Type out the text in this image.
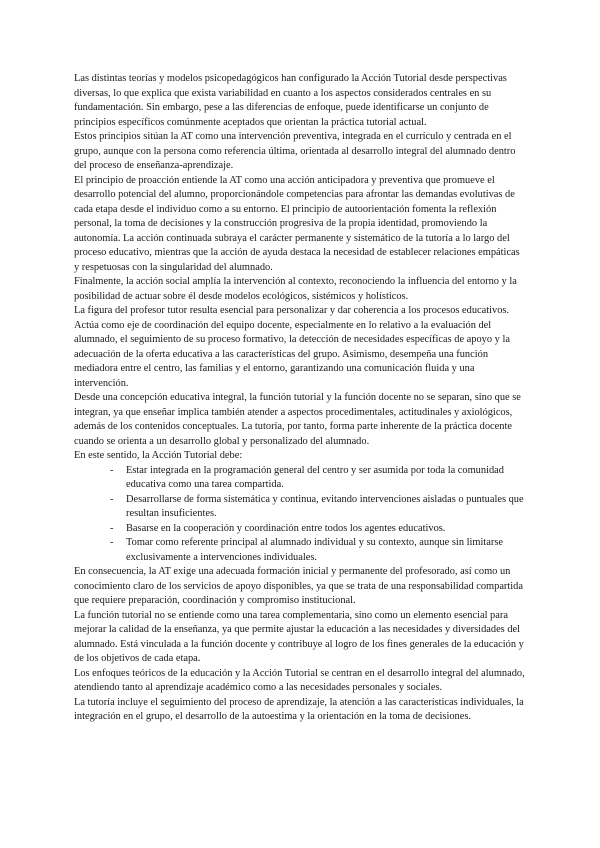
Las distintas teorías y modelos psicopedagógicos han configurado la Acción Tutorial desde perspectivas diversas, lo que explica que exista variabilidad en cuanto a los aspectos considerados centrales en su fundamentación. Sin embargo, pese a las diferencias de enfoque, puede identificarse un conjunto de principios específicos comúnmente aceptados que orientan la práctica tutorial actual.

Estos principios sitúan la AT como una intervención preventiva, integrada en el currículo y centrada en el grupo, aunque con la persona como referencia última, orientada al desarrollo integral del alumnado dentro del proceso de enseñanza-aprendizaje.

El principio de proacción entiende la AT como una acción anticipadora y preventiva que promueve el desarrollo potencial del alumno, proporcionándole competencias para afrontar las demandas evolutivas de cada etapa desde el individuo como a su entorno. El principio de autoorientación fomenta la reflexión personal, la toma de decisiones y la construcción progresiva de la propia identidad, promoviendo la autonomía. La acción continuada subraya el carácter permanente y sistemático de la tutoría a lo largo del proceso educativo, mientras que la acción de ayuda destaca la necesidad de establecer relaciones empáticas y respetuosas con la singularidad del alumnado.

Finalmente, la acción social amplía la intervención al contexto, reconociendo la influencia del entorno y la posibilidad de actuar sobre él desde modelos ecológicos, sistémicos y holísticos.

La figura del profesor tutor resulta esencial para personalizar y dar coherencia a los procesos educativos. Actúa como eje de coordinación del equipo docente, especialmente en lo relativo a la evaluación del alumnado, el seguimiento de su proceso formativo, la detección de necesidades específicas de apoyo y la adecuación de la oferta educativa a las características del grupo. Asimismo, desempeña una función mediadora entre el centro, las familias y el entorno, garantizando una comunicación fluida y una intervención.

Desde una concepción educativa integral, la función tutorial y la función docente no se separan, sino que se integran, ya que enseñar implica también atender a aspectos procedimentales, actitudinales y axiológicos, además de los contenidos conceptuales. La tutoría, por tanto, forma parte inherente de la práctica docente cuando se orienta a un desarrollo global y personalizado del alumnado.

En este sentido, la Acción Tutorial debe:

- Estar integrada en la programación general del centro y ser asumida por toda la comunidad educativa como una tarea compartida.
- Desarrollarse de forma sistemática y continua, evitando intervenciones aisladas o puntuales que resultan insuficientes.
- Basarse en la cooperación y coordinación entre todos los agentes educativos.
- Tomar como referente principal al alumnado individual y su contexto, aunque sin limitarse exclusivamente a intervenciones individuales.

En consecuencia, la AT exige una adecuada formación inicial y permanente del profesorado, así como un conocimiento claro de los servicios de apoyo disponibles, ya que se trata de una responsabilidad compartida que requiere preparación, coordinación y compromiso institucional.

La función tutorial no se entiende como una tarea complementaria, sino como un elemento esencial para mejorar la calidad de la enseñanza, ya que permite ajustar la educación a las necesidades y diversidades del alumnado. Está vinculada a la función docente y contribuye al logro de los fines generales de la educación y de los objetivos de cada etapa.

Los enfoques teóricos de la educación y la Acción Tutorial se centran en el desarrollo integral del alumnado, atendiendo tanto al aprendizaje académico como a las necesidades personales y sociales.

La tutoría incluye el seguimiento del proceso de aprendizaje, la atención a las características individuales, la integración en el grupo, el desarrollo de la autoestima y la orientación en la toma de decisiones.
